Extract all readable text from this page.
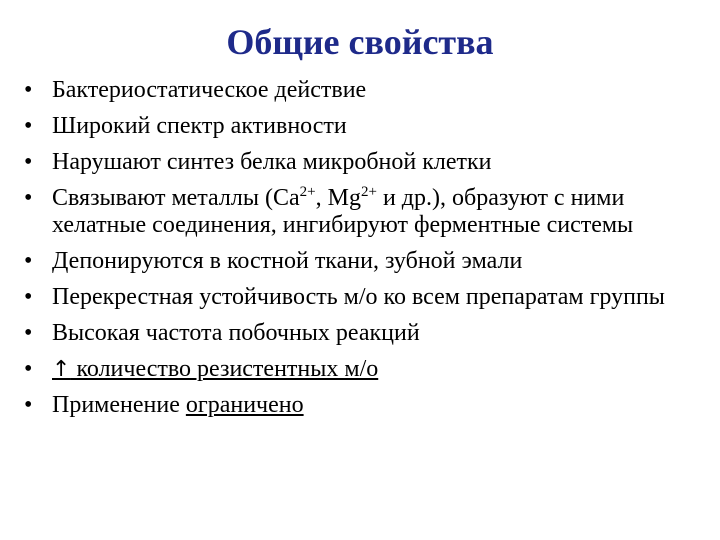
Общие свойства
• Бактериостатическое действие
• Широкий спектр активности
• Нарушают синтез белка микробной клетки
• Связывают металлы ($Ca^{2+}$, $Mg^{2+}$ и др.), образуют с ними хелатные соединения, ингибируют ферментные системы
• Депонируются в костной ткани, зубной эмали
• Перекрестная устойчивость м/о ко всем препаратам группы
• Высокая частота побочных реакций
• ↑ количество резистентных м/о
• Применение ограничено
